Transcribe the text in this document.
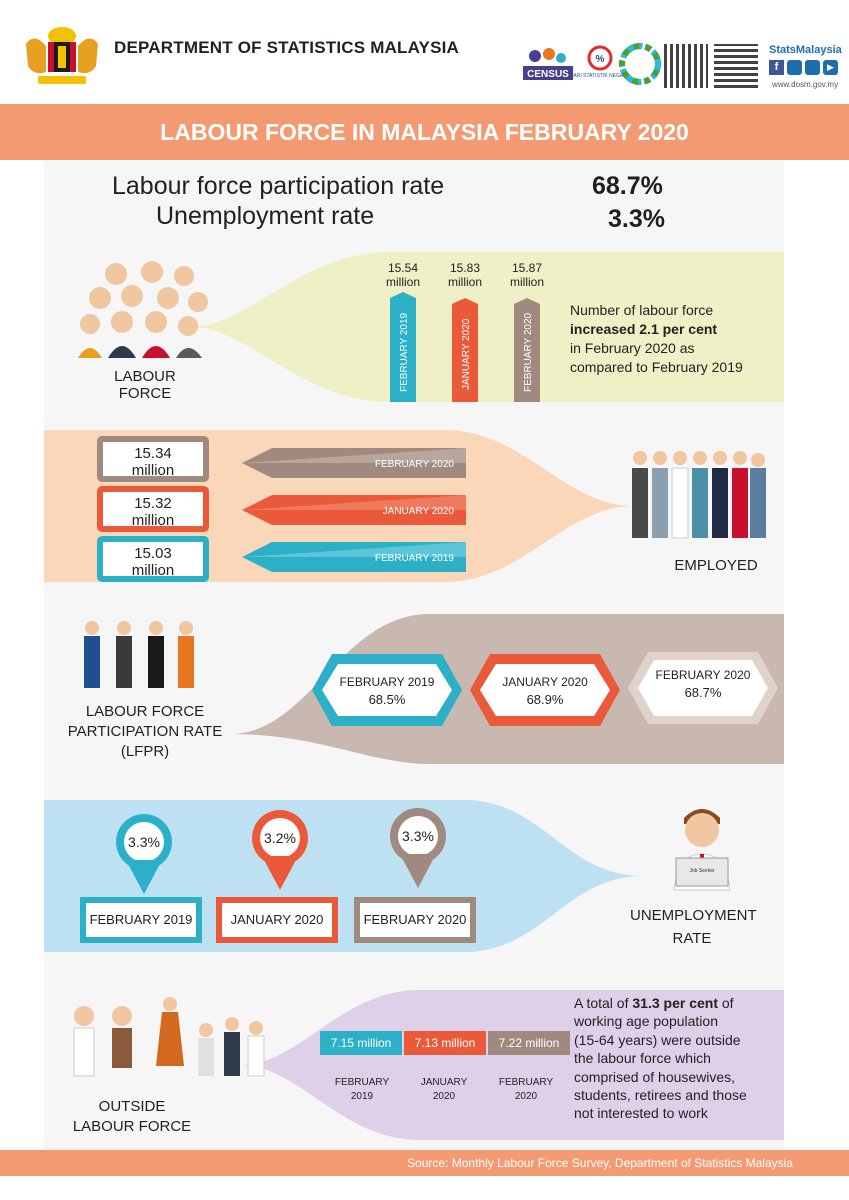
DEPARTMENT OF STATISTICS MALAYSIA
CENSUS
%
HARI STATISTIK NEGARA
StatsMalaysia
f	▶
www.dosm.gov.my
LABOUR FORCE IN MALAYSIA FEBRUARY 2020
Labour force participation rate	68.7%
Unemployment rate	3.3%
LABOUR FORCE
15.54
million
15.83
million
15.87
million
FEBRUARY 2019	JANUARY 2020	FEBRUARY 2020
Number of labour force
increased 2.1 per cent
in February 2020 as
compared to February 2019
15.34
million
15.32
million
15.03
million
FEBRUARY 2020
JANUARY 2020
FEBRUARY 2019	EMPLOYED
LABOUR FORCE
PARTICIPATION RATE
(LFPR)
FEBRUARY 2019
68.5%
JANUARY 2020
68.9%
FEBRUARY 2020
68.7%
3.3%	3.2%	3.3%
FEBRUARY 2019	JANUARY 2020	FEBRUARY 2020
Job Seeker
UNEMPLOYMENT
RATE
OUTSIDE
LABOUR FORCE
7.15 million	7.13 million	7.22 million
FEBRUARY
2019
JANUARY
2020
FEBRUARY
2020
A total of 31.3 per cent of
working age population
(15-64 years) were outside
the labour force which
comprised of housewives,
students, retirees and those
not interested to work
Source: Monthly Labour Force Survey, Department of Statistics Malaysia
